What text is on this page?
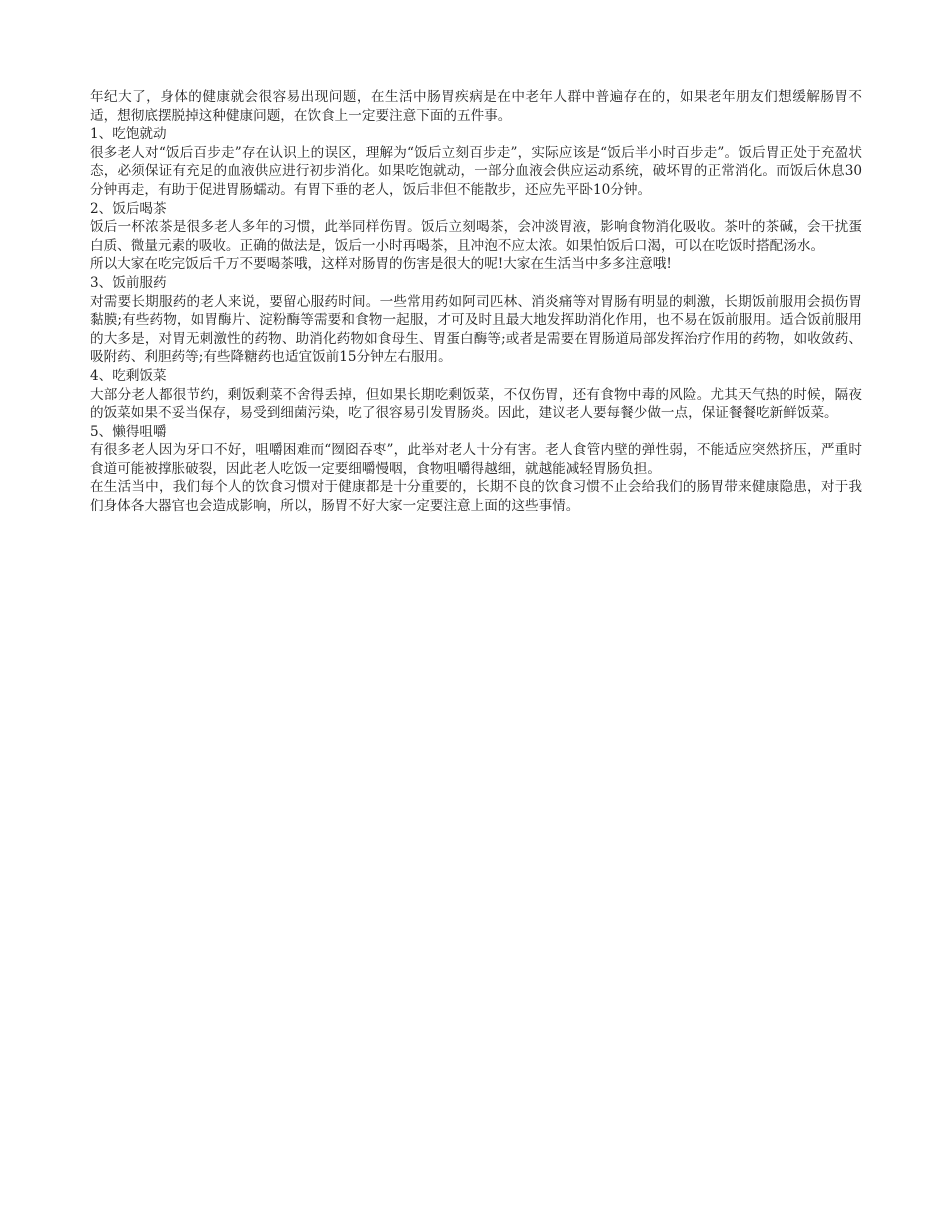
年纪大了，身体的健康就会很容易出现问题，在生活中肠胃疾病是在中老年人群中普遍存在的，如果老年朋友们想缓解肠胃不适，想彻底摆脱掉这种健康问题，在饮食上一定要注意下面的五件事。

1、吃饱就动

很多老人对“饭后百步走”存在认识上的误区，理解为“饭后立刻百步走”，实际应该是“饭后半小时百步走”。饭后胃正处于充盈状态，必须保证有充足的血液供应进行初步消化。如果吃饱就动，一部分血液会供应运动系统，破坏胃的正常消化。而饭后休息30分钟再走，有助于促进胃肠蠕动。有胃下垂的老人，饭后非但不能散步，还应先平卧10分钟。

2、饭后喝茶

饭后一杯浓茶是很多老人多年的习惯，此举同样伤胃。饭后立刻喝茶，会冲淡胃液，影响食物消化吸收。茶叶的茶碱，会干扰蛋白质、微量元素的吸收。正确的做法是，饭后一小时再喝茶，且冲泡不应太浓。如果怕饭后口渴，可以在吃饭时搭配汤水。

所以大家在吃完饭后千万不要喝茶哦，这样对肠胃的伤害是很大的呢!大家在生活当中多多注意哦!

3、饭前服药

对需要长期服药的老人来说，要留心服药时间。一些常用药如阿司匹林、消炎痛等对胃肠有明显的刺激，长期饭前服用会损伤胃黏膜;有些药物，如胃酶片、淀粉酶等需要和食物一起服，才可及时且最大地发挥助消化作用，也不易在饭前服用。适合饭前服用的大多是，对胃无刺激性的药物、助消化药物如食母生、胃蛋白酶等;或者是需要在胃肠道局部发挥治疗作用的药物，如收敛药、吸附药、利胆药等;有些降糖药也适宜饭前15分钟左右服用。

4、吃剩饭菜

大部分老人都很节约，剩饭剩菜不舍得丢掉，但如果长期吃剩饭菜，不仅伤胃，还有食物中毒的风险。尤其天气热的时候，隔夜的饭菜如果不妥当保存，易受到细菌污染，吃了很容易引发胃肠炎。因此，建议老人要每餐少做一点，保证餐餐吃新鲜饭菜。

5、懒得咀嚼

有很多老人因为牙口不好，咀嚼困难而“囫囵吞枣”，此举对老人十分有害。老人食管内壁的弹性弱，不能适应突然挤压，严重时食道可能被撑胀破裂，因此老人吃饭一定要细嚼慢咽，食物咀嚼得越细，就越能减轻胃肠负担。

在生活当中，我们每个人的饮食习惯对于健康都是十分重要的，长期不良的饮食习惯不止会给我们的肠胃带来健康隐患，对于我们身体各大器官也会造成影响，所以，肠胃不好大家一定要注意上面的这些事情。
